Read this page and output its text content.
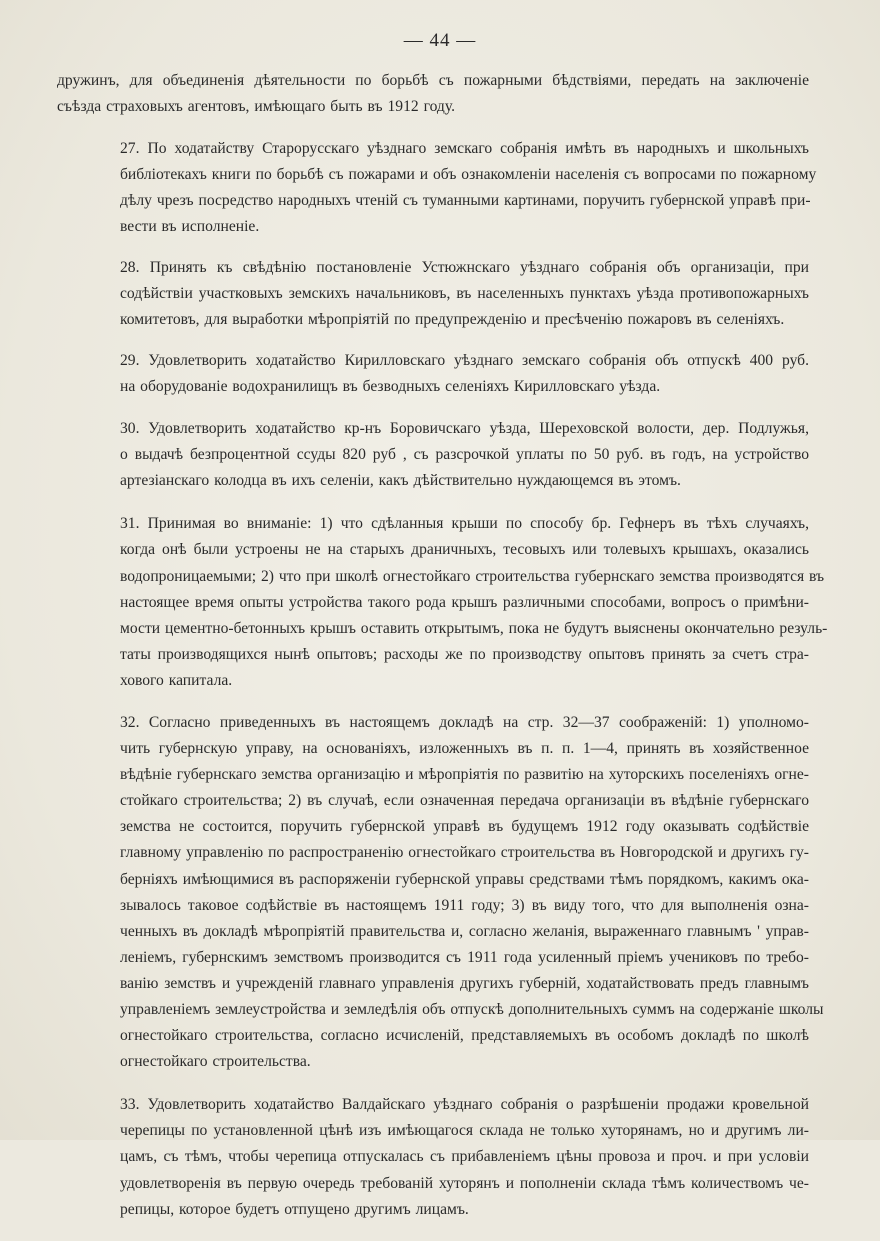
— 44 —

дружинъ, для объединенія дѣятельности по борьбѣ съ пожарными бѣдствіями, передать на заключеніе
съѣзда страховыхъ агентовъ, имѣющаго быть въ 1912 году.

27. По ходатайству Старорусскаго уѣзднаго земскаго собранія имѣть въ народныхъ и школьныхъ
библіотекахъ книги по борьбѣ съ пожарами и объ ознакомленіи населенія съ вопросами по пожарному
дѣлу чрезъ посредство народныхъ чтеній съ туманными картинами, поручить губернской управѣ при-
вести въ исполненіе.

28. Принять къ свѣдѣнію постановленіе Устюжнскаго уѣзднаго собранія объ организаціи, при
содѣйствіи участковыхъ земскихъ начальниковъ, въ населенныхъ пунктахъ уѣзда противопожарныхъ
комитетовъ, для выработки мѣропріятій по предупрежденію и пресѣченію пожаровъ въ селеніяхъ.

29. Удовлетворить ходатайство Кирилловскаго уѣзднаго земскаго собранія объ отпускѣ 400 руб.
на оборудованіе водохранилищъ въ безводныхъ селеніяхъ Кирилловскаго уѣзда.

30. Удовлетворить ходатайство кр-нъ Боровичскаго уѣзда, Шереховской волости, дер. Подлужья,
о выдачѣ безпроцентной ссуды 820 руб , съ разсрочкой уплаты по 50 руб. въ годъ, на устройство
артезіанскаго колодца въ ихъ селеніи, какъ дѣйствительно нуждающемся въ этомъ.

31. Принимая во вниманіе: 1) что сдѣланныя крыши по способу бр. Гефнеръ въ тѣхъ случаяхъ,
когда онѣ были устроены не на старыхъ драничныхъ, тесовыхъ или толевыхъ крышахъ, оказались
водопроницаемыми; 2) что при школѣ огнестойкаго строительства губернскаго земства производятся въ
настоящее время опыты устройства такого рода крышъ различными способами, вопросъ о примѣни-
мости цементно-бетонныхъ крышъ оставить открытымъ, пока не будутъ выяснены окончательно резуль-
таты производящихся нынѣ опытовъ; расходы же по производству опытовъ принять за счетъ стра-
хового капитала.

32. Согласно приведенныхъ въ настоящемъ докладѣ на стр. 32—37 соображеній: 1) уполномо-
чить губернскую управу, на основаніяхъ, изложенныхъ въ п. п. 1—4, принять въ хозяйственное
вѣдѣніе губернскаго земства организацію и мѣропріятія по развитію на хуторскихъ поселеніяхъ огне-
стойкаго строительства; 2) въ случаѣ, если означенная передача организаціи въ вѣдѣніе губернскаго
земства не состоится, поручить губернской управѣ въ будущемъ 1912 году оказывать содѣйствіе
главному управленію по распространенію огнестойкаго строительства въ Новгородской и другихъ гу-
берніяхъ имѣющимися въ распоряженіи губернской управы средствами тѣмъ порядкомъ, какимъ ока-
зывалось таковое содѣйствіе въ настоящемъ 1911 году; 3) въ виду того, что для выполненія озна-
ченныхъ въ докладѣ мѣропріятій правительства и, согласно желанія, выраженнаго главнымъ ' управ-
леніемъ, губернскимъ земствомъ производится съ 1911 года усиленный пріемъ учениковъ по требо-
ванію земствъ и учрежденій главнаго управленія другихъ губерній, ходатайствовать предъ главнымъ
управленіемъ землеустройства и земледѣлія объ отпускѣ дополнительныхъ суммъ на содержаніе школы
огнестойкаго строительства, согласно исчисленій, представляемыхъ въ особомъ докладѣ по школѣ
огнестойкаго строительства.

33. Удовлетворить ходатайство Валдайскаго уѣзднаго собранія о разрѣшеніи продажи кровельной
черепицы по установленной цѣнѣ изъ имѣющагося склада не только хуторянамъ, но и другимъ ли-
цамъ, съ тѣмъ, чтобы черепица отпускалась съ прибавленіемъ цѣны провоза и проч. и при условіи
удовлетворенія въ первую очередь требованій хуторянъ и пополненіи склада тѣмъ количествомъ че-
репицы, которое будетъ отпущено другимъ лицамъ.
